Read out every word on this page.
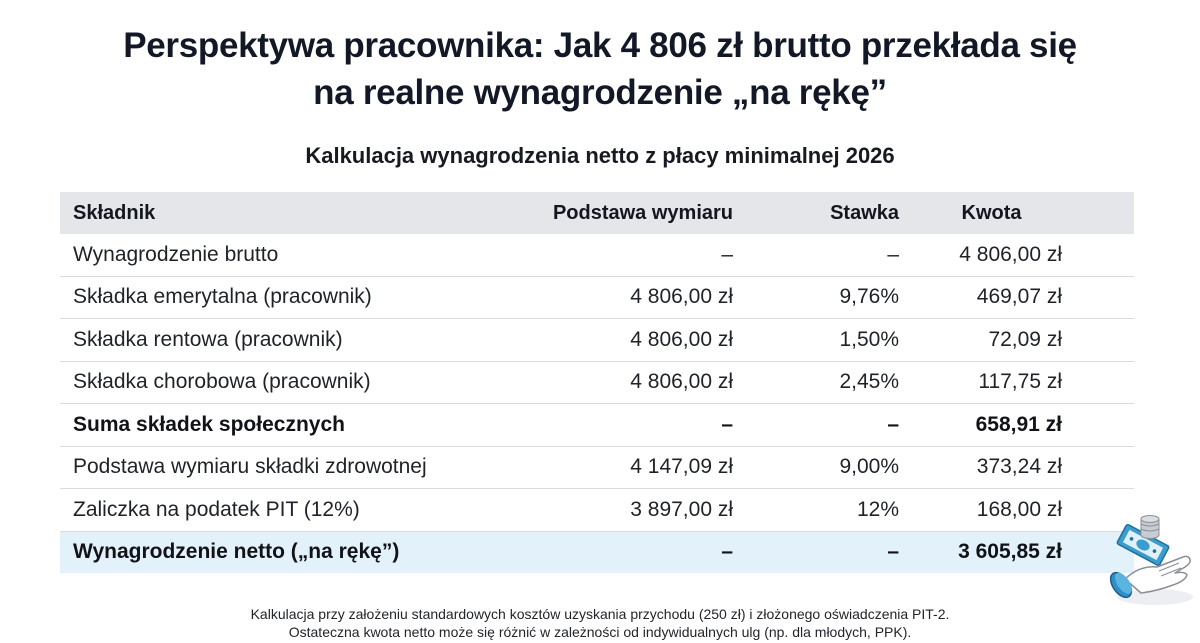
Perspektywa pracownika: Jak 4 806 zł brutto przekłada się
na realne wynagrodzenie „na rękę”
Kalkulacja wynagrodzenia netto z płacy minimalnej 2026
Składnik	Podstawa wymiaru	Stawka	Kwota
Wynagrodzenie brutto	–	–	4 806,00 zł
Składka emerytalna (pracownik)	4 806,00 zł	9,76%	469,07 zł
Składka rentowa (pracownik)	4 806,00 zł	1,50%	72,09 zł
Składka chorobowa (pracownik)	4 806,00 zł	2,45%	117,75 zł
Suma składek społecznych	–	–	658,91 zł
Podstawa wymiaru składki zdrowotnej	4 147,09 zł	9,00%	373,24 zł
Zaliczka na podatek PIT (12%)	3 897,00 zł	12%	168,00 zł
Wynagrodzenie netto („na rękę”)	–	–	3 605,85 zł
Kalkulacja przy założeniu standardowych kosztów uzyskania przychodu (250 zł) i złożonego oświadczenia PIT-2.
Ostateczna kwota netto może się różnić w zależności od indywidualnych ulg (np. dla młodych, PPK).
